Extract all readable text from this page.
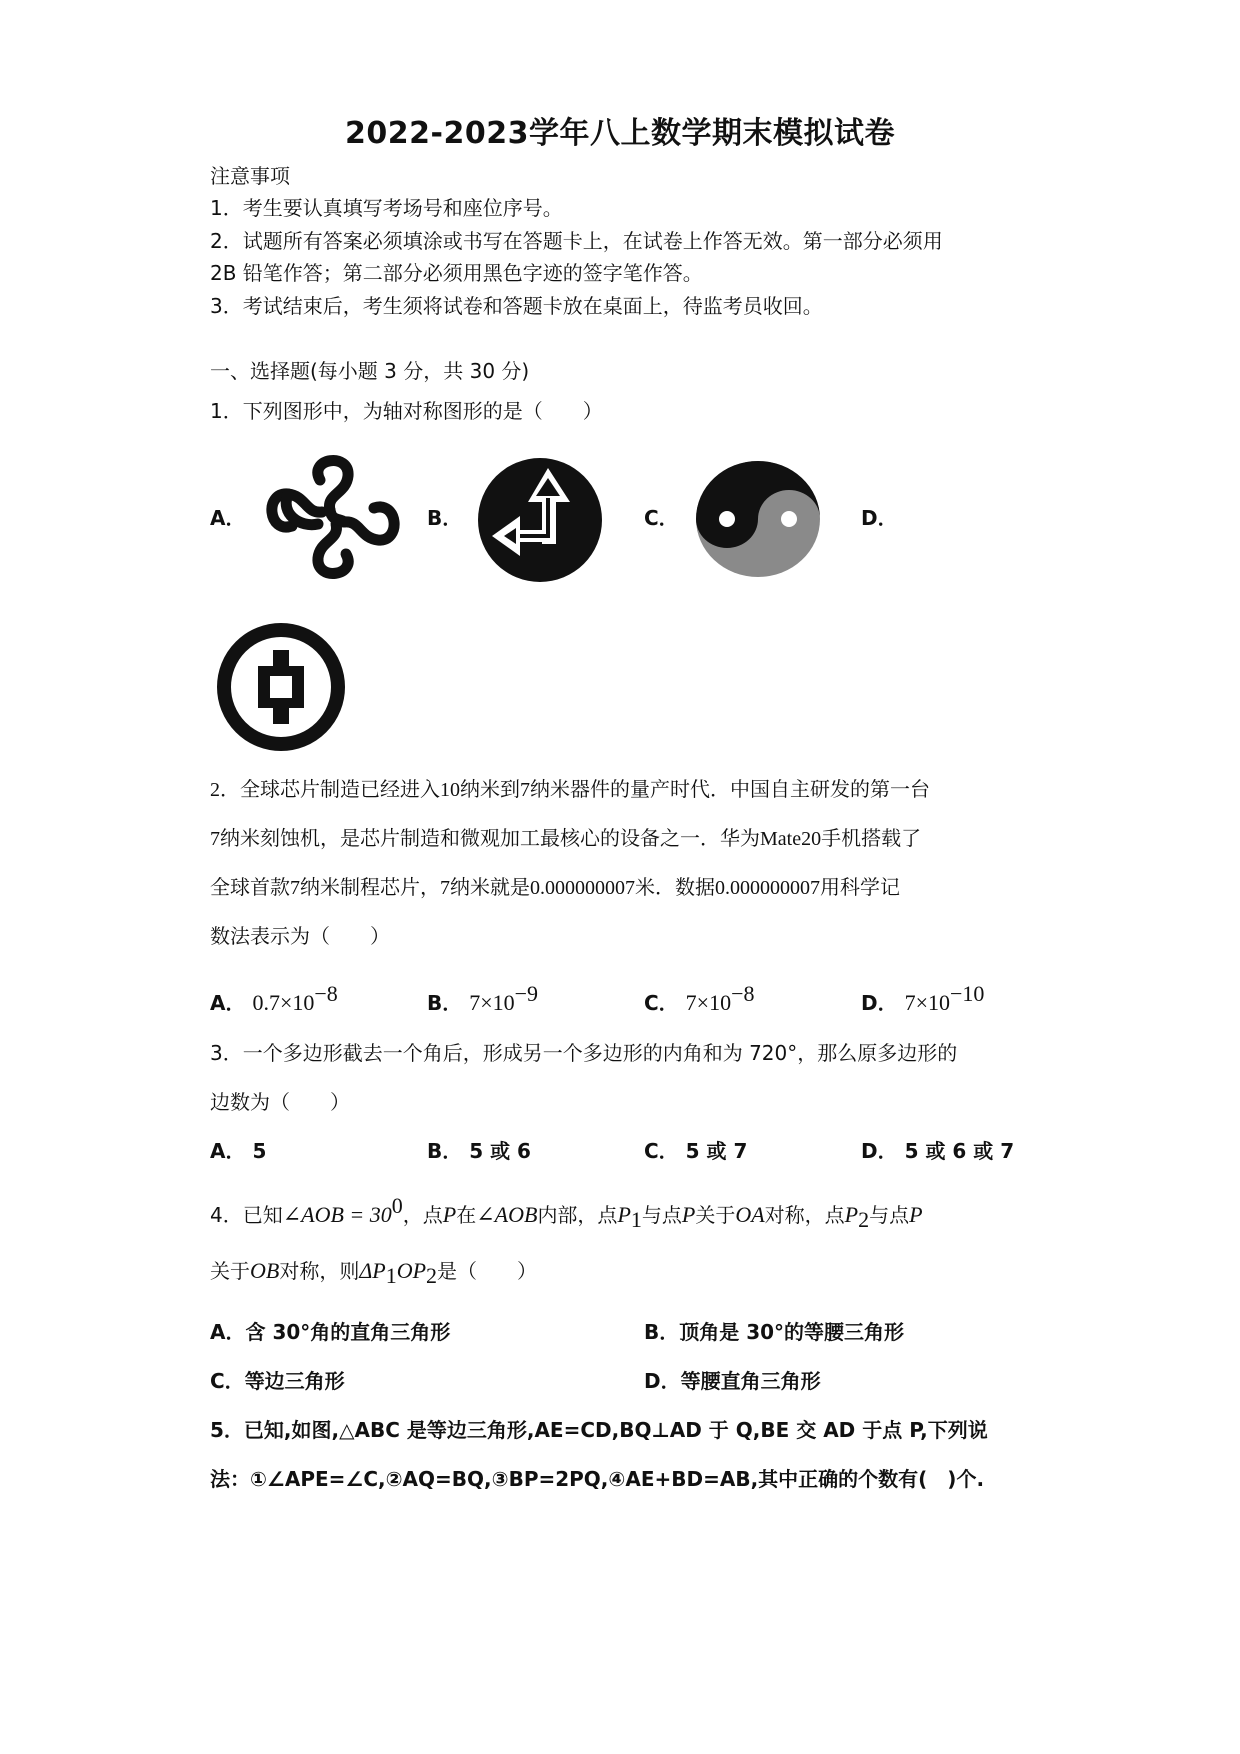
2022-2023学年八上数学期末模拟试卷
注意事项
1．考生要认真填写考场号和座位序号。
2．试题所有答案必须填涂或书写在答题卡上，在试卷上作答无效。第一部分必须用
2B 铅笔作答；第二部分必须用黑色字迹的签字笔作答。
3．考试结束后，考生须将试卷和答题卡放在桌面上，待监考员收回。
一、选择题(每小题 3 分，共 30 分)
1．下列图形中，为轴对称图形的是（　　）
A．	B．	C．	D．
2．全球芯片制造已经进入10纳米到7纳米器件的量产时代．中国自主研发的第一台
7纳米刻蚀机，是芯片制造和微观加工最核心的设备之一．华为Mate20手机搭载了
全球首款7纳米制程芯片，7纳米就是0.000000007米．数据0.000000007用科学记
数法表示为（　　）
A． $0.7\times 10^{-8}$	B． $7\times 10^{-9}$	C． $7\times 10^{-8}$	D． $7\times 10^{-10}$
3．一个多边形截去一个角后，形成另一个多边形的内角和为 720°，那么原多边形的
边数为（　　）
A． 5	B． 5 或 6	C． 5 或 7	D． 5 或 6 或 7
4．已知∠AOB = $30^0$，点P在∠AOB内部，点$P_1$与点P关于OA对称，点$P_2$与点P
关于OB对称，则$\Delta P_1OP_2$是（　　）
A．含 30°角的直角三角形	B．顶角是 30°的等腰三角形
C．等边三角形	D．等腰直角三角形
5．已知,如图,△ABC 是等边三角形,AE=CD,BQ⊥AD 于 Q,BE 交 AD 于点 P,下列说
法：①∠APE=∠C,②AQ=BQ,③BP=2PQ,④AE+BD=AB,其中正确的个数有(　)个.
